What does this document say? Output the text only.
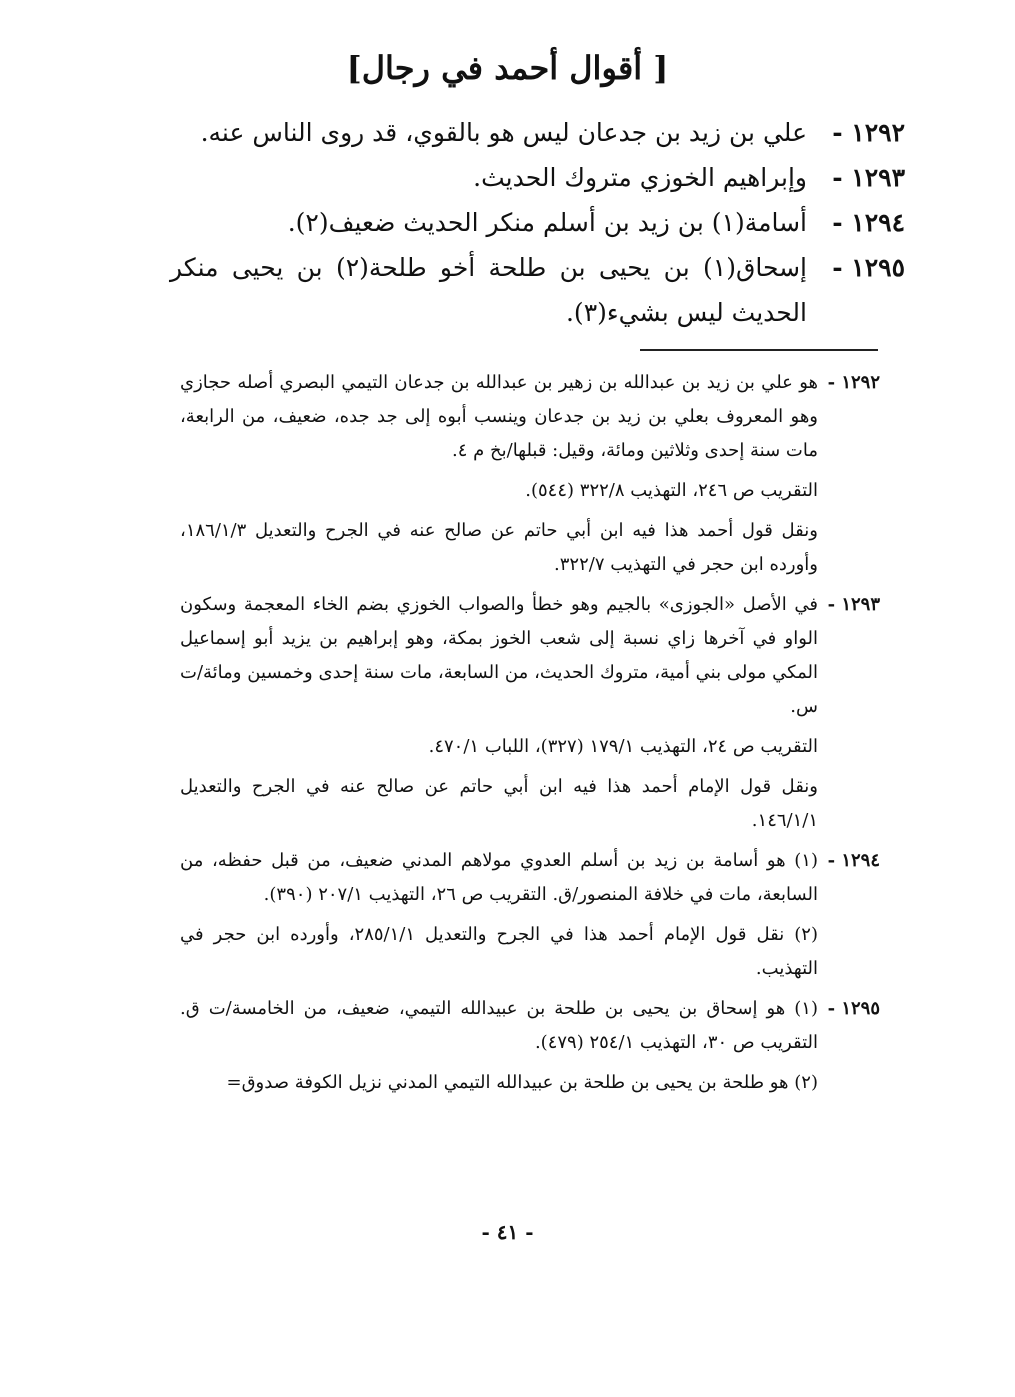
[ أقوال أحمد في رجال]
١٢٩٢ -
علي بن زيد بن جدعان ليس هو بالقوي، قد روى الناس عنه.
١٢٩٣ -
وإبراهيم الخوزي متروك الحديث.
١٢٩٤ -
أسامة(١) بن زيد بن أسلم منكر الحديث ضعيف(٢).
١٢٩٥ -
إسحاق(١) بن يحيى بن طلحة أخو طلحة(٢) بن يحيى منكر الحديث ليس بشيء(٣).
١٢٩٢ -

هو علي بن زيد بن عبدالله بن زهير بن عبدالله بن جدعان التيمي البصري أصله حجازي وهو المعروف بعلي بن زيد بن جدعان وينسب أبوه إلى جد جده، ضعيف، من الرابعة، مات سنة إحدى وثلاثين ومائة، وقيل: قبلها/بخ م ٤.

التقريب ص ٢٤٦، التهذيب ٣٢٢/٨ (٥٤٤).

ونقل قول أحمد هذا فيه ابن أبي حاتم عن صالح عنه في الجرح والتعديل ١٨٦/١/٣، وأورده ابن حجر في التهذيب ٣٢٢/٧.

١٢٩٣ -

في الأصل «الجوزى» بالجيم وهو خطأ والصواب الخوزي بضم الخاء المعجمة وسكون الواو في آخرها زاي نسبة إلى شعب الخوز بمكة، وهو إبراهيم بن يزيد أبو إسماعيل المكي مولى بني أمية، متروك الحديث، من السابعة، مات سنة إحدى وخمسين ومائة/ت س.

التقريب ص ٢٤، التهذيب ١٧٩/١ (٣٢٧)، اللباب ٤٧٠/١.

ونقل قول الإمام أحمد هذا فيه ابن أبي حاتم عن صالح عنه في الجرح والتعديل ١٤٦/١/١.

١٢٩٤ -

(١) هو أسامة بن زيد بن أسلم العدوي مولاهم المدني ضعيف، من قبل حفظه، من السابعة، مات في خلافة المنصور/ق. التقريب ص ٢٦، التهذيب ٢٠٧/١ (٣٩٠).

(٢) نقل قول الإمام أحمد هذا في الجرح والتعديل ٢٨٥/١/١، وأورده ابن حجر في التهذيب.

١٢٩٥ -

(١) هو إسحاق بن يحيى بن طلحة بن عبيدالله التيمي، ضعيف، من الخامسة/ت ق. التقريب ص ٣٠، التهذيب ٢٥٤/١ (٤٧٩).

(٢) هو طلحة بن يحيى بن طلحة بن عبيدالله التيمي المدني نزيل الكوفة صدوق=

- ٤١ -
